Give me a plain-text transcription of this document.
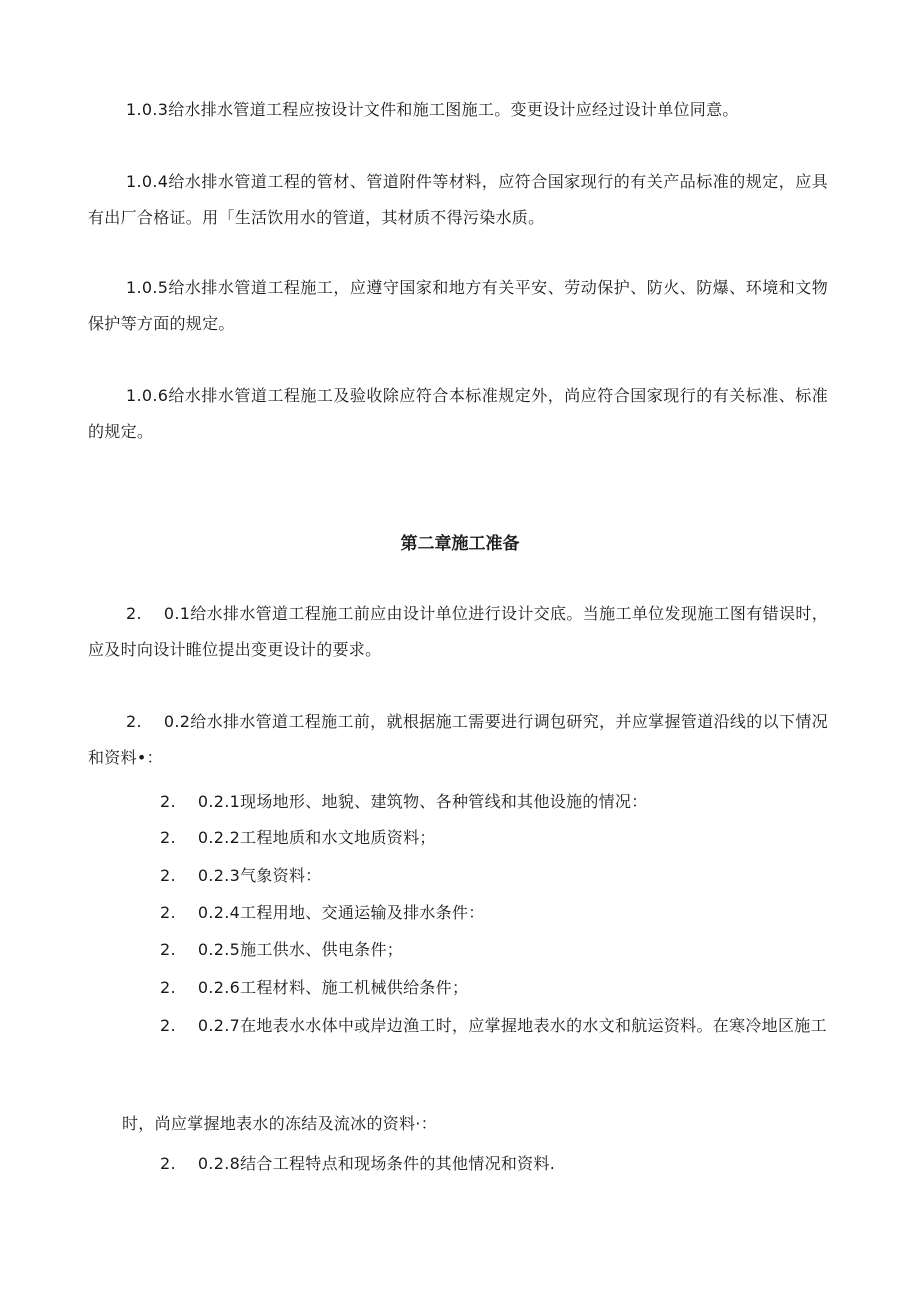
1.0.3给水排水管道工程应按设计文件和施工图施工。变更设计应经过设计单位同意。
1.0.4给水排水管道工程的管材、管道附件等材料，应符合国家现行的有关产品标准的规定，应具有出厂合格证。用「生活饮用水的管道，其材质不得污染水质。
1.0.5给水排水管道工程施工，应遵守国家和地方有关平安、劳动保护、防火、防爆、环境和文物保护等方面的规定。
1.0.6给水排水管道工程施工及验收除应符合本标准规定外，尚应符合国家现行的有关标准、标准的规定。
第二章施工准备
2. 0.1给水排水管道工程施工前应由设计单位进行设计交底。当施工单位发现施工图有错误时，应及时向设计睢位提出变更设计的要求。
2. 0.2给水排水管道工程施工前，就根据施工需要进行调包研究，并应掌握管道沿线的以下情况和资料•：
2. 0.2.1现场地形、地貌、建筑物、各种管线和其他设施的情况：
2. 0.2.2工程地质和水文地质资料；
2. 0.2.3气象资料：
2. 0.2.4工程用地、交通运输及排水条件：
2. 0.2.5施工供水、供电条件；
2. 0.2.6工程材料、施工机械供给条件；
2. 0.2.7在地表水水体中或岸边渔工时，应掌握地表水的水文和航运资料。在寒冷地区施工
时，尚应掌握地表水的冻结及流冰的资料·：
2. 0.2.8结合工程特点和现场条件的其他情况和资料.
